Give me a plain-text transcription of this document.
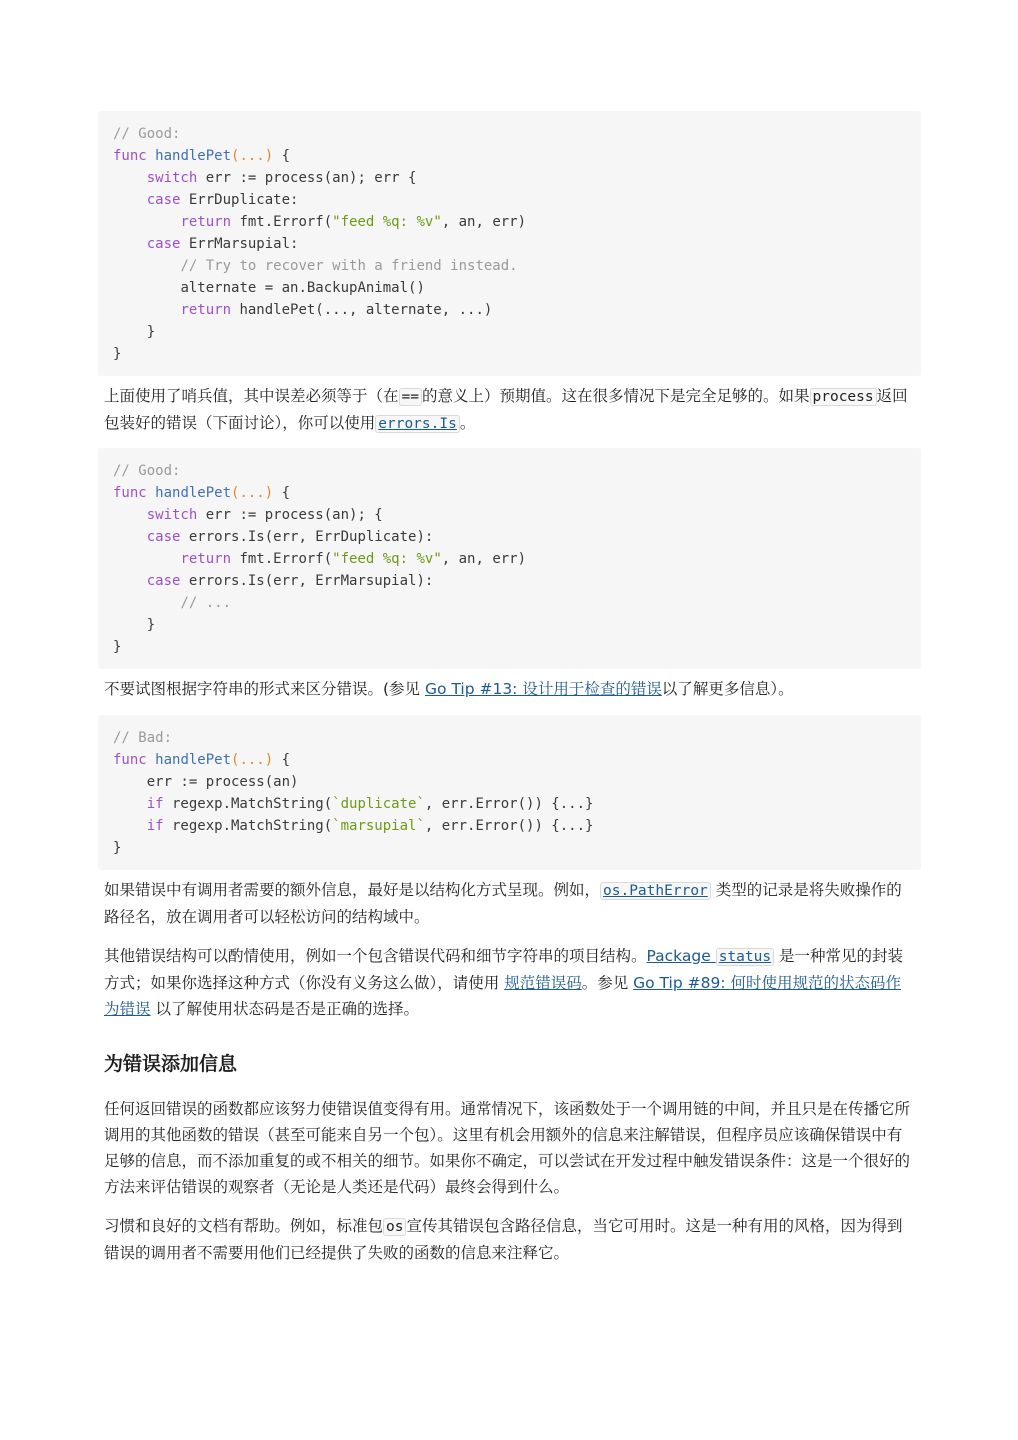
// Good:
func handlePet(...) {
switch err := process(an); err {
case ErrDuplicate:
return fmt.Errorf("feed %q: %v", an, err)
case ErrMarsupial:
// Try to recover with a friend instead.
alternate = an.BackupAnimal()
return handlePet(..., alternate, ...)
}
}

上面使用了哨兵值，其中误差必须等于（在 == 的意义上）预期值。这在很多情况下是完全足够的。如果 process 返回包装好的错误（下面讨论），你可以使用 errors.Is 。

// Good:
func handlePet(...) {
switch err := process(an); {
case errors.Is(err, ErrDuplicate):
return fmt.Errorf("feed %q: %v", an, err)
case errors.Is(err, ErrMarsupial):
// ...
}
}

不要试图根据字符串的形式来区分错误。(参见 Go Tip #13: 设计用于检查的错误以了解更多信息）。

// Bad:
func handlePet(...) {
err := process(an)
if regexp.MatchString(`duplicate`, err.Error()) {...}
if regexp.MatchString(`marsupial`, err.Error()) {...}
}

如果错误中有调用者需要的额外信息，最好是以结构化方式呈现。例如， os.PathError 类型的记录是将失败操作的路径名，放在调用者可以轻松访问的结构域中。

其他错误结构可以酌情使用，例如一个包含错误代码和细节字符串的项目结构。Package status 是一种常见的封装方式；如果你选择这种方式（你没有义务这么做），请使用 规范错误码。参见 Go Tip #89: 何时使用规范的状态码作为错误 以了解使用状态码是否是正确的选择。

为错误添加信息

任何返回错误的函数都应该努力使错误值变得有用。通常情况下，该函数处于一个调用链的中间，并且只是在传播它所调用的其他函数的错误（甚至可能来自另一个包）。这里有机会用额外的信息来注解错误，但程序员应该确保错误中有足够的信息，而不添加重复的或不相关的细节。如果你不确定，可以尝试在开发过程中触发错误条件：这是一个很好的方法来评估错误的观察者（无论是人类还是代码）最终会得到什么。

习惯和良好的文档有帮助。例如，标准包 os 宣传其错误包含路径信息，当它可用时。这是一种有用的风格，因为得到错误的调用者不需要用他们已经提供了失败的函数的信息来注释它。
